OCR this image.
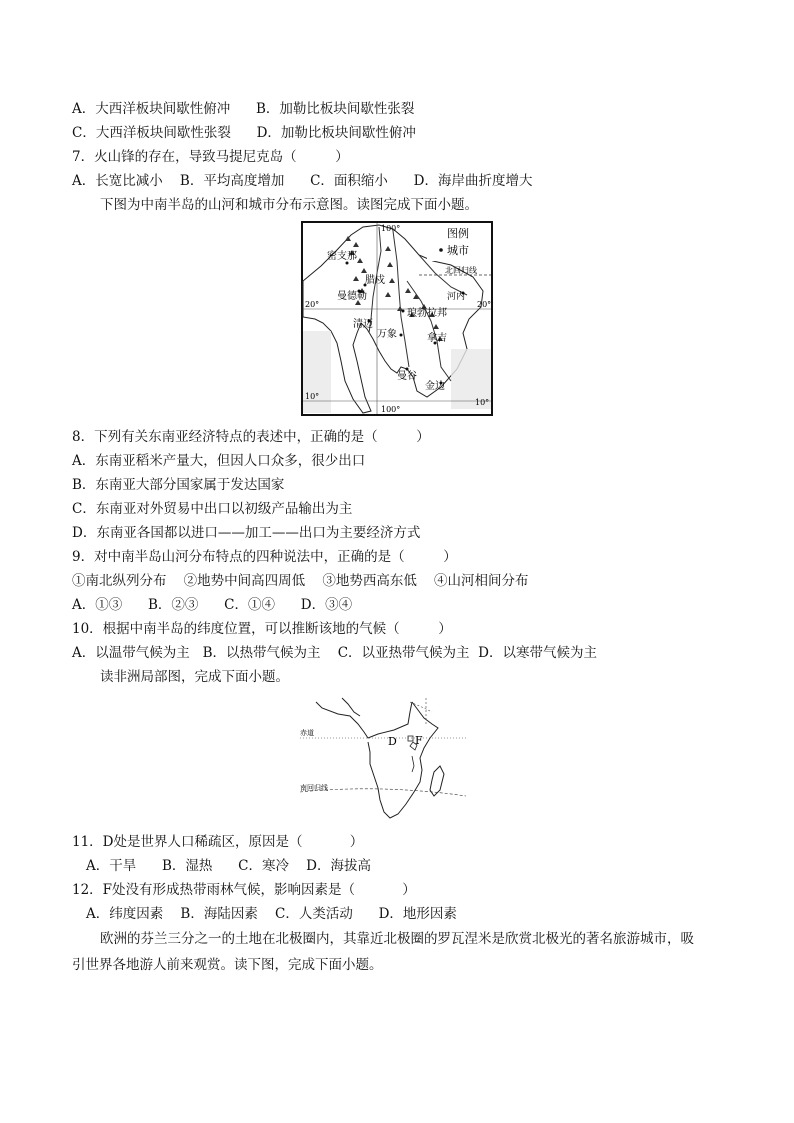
A．大西洋板块间歇性俯冲      B．加勒比板块间歇性张裂
C．大西洋板块间歇性张裂      D．加勒比板块间歇性俯冲
7．火山锋的存在，导致马提尼克岛（         ）
A．长宽比减小    B．平均高度增加      C．面积缩小      D．海岸曲折度增大
下图为中南半岛的山河和城市分布示意图。读图完成下面小题。
图例
城市
北回归线
100°
100°
10°
20°	20°
10°
密支那
腊戍
曼德勒	河内
清迈
琅勃拉邦
万象	拿吉
曼谷
金边
8．下列有关东南亚经济特点的表述中，正确的是（         ）
A．东南亚稻米产量大，但因人口众多，很少出口
B．东南亚大部分国家属于发达国家
C．东南亚对外贸易中出口以初级产品输出为主
D．东南亚各国都以进口——加工——出口为主要经济方式
9．对中南半岛山河分布特点的四种说法中，正确的是（         ）
①南北纵列分布    ②地势中间高四周低    ③地势西高东低    ④山河相间分布
A．①③      B．②③      C．①④      D．③④
10．根据中南半岛的纬度位置，可以推断该地的气候（         ）
A．以温带气候为主   B．以热带气候为主    C．以亚热带气候为主  D．以寒带气候为主
读非洲局部图，完成下面小题。
赤道
南回归线
D F
11．D处是世界人口稀疏区，原因是（           ）
A．干旱      B．湿热      C．寒冷    D．海拔高
12．F处没有形成热带雨林气候，影响因素是（           ）
A．纬度因素    B．海陆因素    C．人类活动      D．地形因素
欧洲的芬兰三分之一的土地在北极圈内，其靠近北极圈的罗瓦涅米是欣赏北极光的著名旅游城市，吸
引世界各地游人前来观赏。读下图，完成下面小题。
